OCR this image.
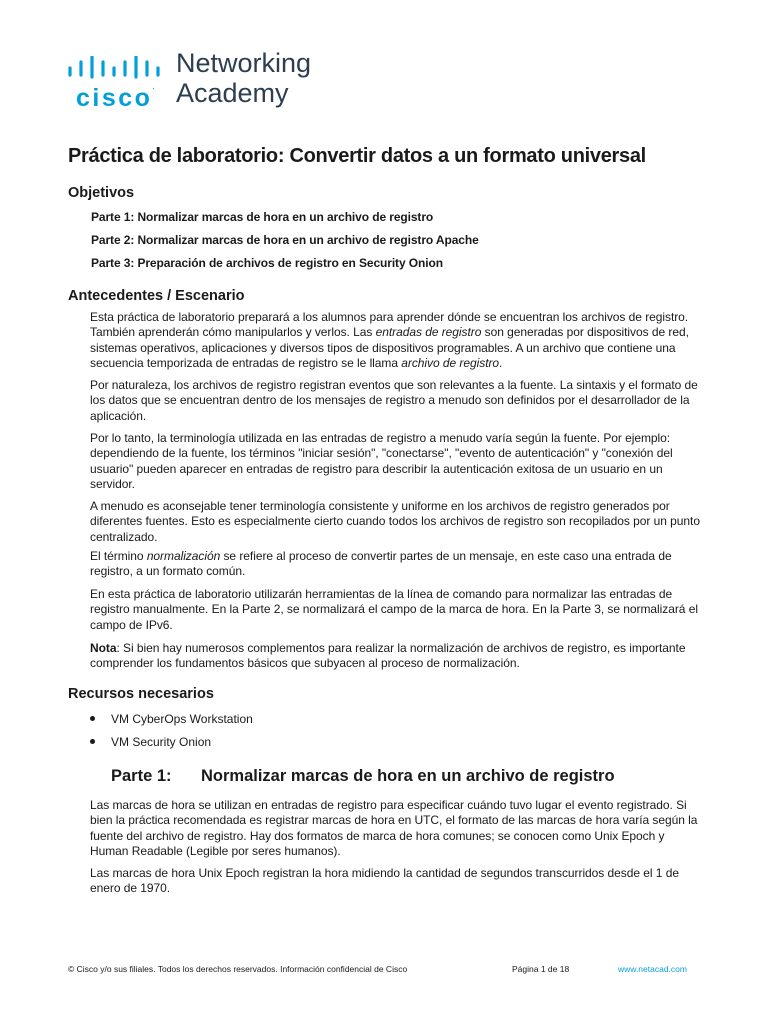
cisco.
Networking
Academy
Práctica de laboratorio: Convertir datos a un formato universal
Objetivos

Parte 1: Normalizar marcas de hora en un archivo de registro

Parte 2: Normalizar marcas de hora en un archivo de registro Apache

Parte 3: Preparación de archivos de registro en Security Onion

Antecedentes / Escenario

Esta práctica de laboratorio preparará a los alumnos para aprender dónde se encuentran los archivos de registro. También aprenderán cómo manipularlos y verlos. Las entradas de registro son generadas por dispositivos de red, sistemas operativos, aplicaciones y diversos tipos de dispositivos programables. A un archivo que contiene una secuencia temporizada de entradas de registro se le llama archivo de registro.

Por naturaleza, los archivos de registro registran eventos que son relevantes a la fuente. La sintaxis y el formato de los datos que se encuentran dentro de los mensajes de registro a menudo son definidos por el desarrollador de la aplicación.

Por lo tanto, la terminología utilizada en las entradas de registro a menudo varía según la fuente. Por ejemplo: dependiendo de la fuente, los términos "iniciar sesión", "conectarse", "evento de autenticación" y "conexión del usuario" pueden aparecer en entradas de registro para describir la autenticación exitosa de un usuario en un servidor.

A menudo es aconsejable tener terminología consistente y uniforme en los archivos de registro generados por diferentes fuentes. Esto es especialmente cierto cuando todos los archivos de registro son recopilados por un punto centralizado.

El término normalización se refiere al proceso de convertir partes de un mensaje, en este caso una entrada de registro, a un formato común.

En esta práctica de laboratorio utilizarán herramientas de la línea de comando para normalizar las entradas de registro manualmente. En la Parte 2, se normalizará el campo de la marca de hora. En la Parte 3, se normalizará el campo de IPv6.

Nota: Si bien hay numerosos complementos para realizar la normalización de archivos de registro, es importante comprender los fundamentos básicos que subyacen al proceso de normalización.

Recursos necesarios

VM CyberOps Workstation

VM Security Onion

Parte 1: Normalizar marcas de hora en un archivo de registro

Las marcas de hora se utilizan en entradas de registro para especificar cuándo tuvo lugar el evento registrado. Si bien la práctica recomendada es registrar marcas de hora en UTC, el formato de las marcas de hora varía según la fuente del archivo de registro. Hay dos formatos de marca de hora comunes; se conocen como Unix Epoch y Human Readable (Legible por seres humanos).

Las marcas de hora Unix Epoch registran la hora midiendo la cantidad de segundos transcurridos desde el 1 de enero de 1970.

© Cisco y/o sus filiales. Todos los derechos reservados. Información confidencial de Cisco	Página 1 de 18	www.netacad.com
